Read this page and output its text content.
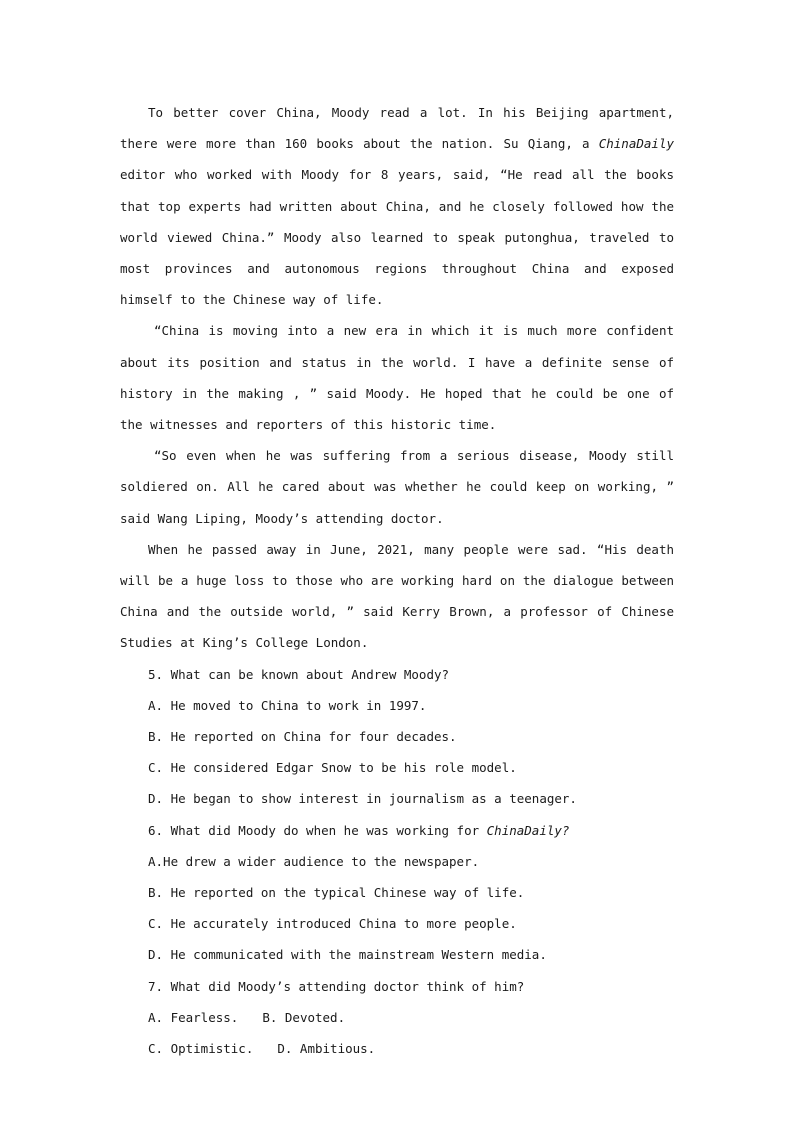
To better cover China, Moody read a lot. In his Beijing apartment, there were more than 160 books about the nation. Su Qiang, a ChinaDaily editor who worked with Moody for 8 years, said, “He read all the books that top experts had written about China, and he closely followed how the world viewed China.” Moody also learned to speak putonghua, traveled to most provinces and autonomous regions throughout China and exposed himself to the Chinese way of life.

“China is moving into a new era in which it is much more confident about its position and status in the world. I have a definite sense of history in the making , ” said Moody. He hoped that he could be one of the witnesses and reporters of this historic time.

“So even when he was suffering from a serious disease, Moody still soldiered on. All he cared about was whether he could keep on working, ” said Wang Liping, Moody’s attending doctor.

When he passed away in June, 2021, many people were sad. “His death will be a huge loss to those who are working hard on the dialogue between China and the outside world, ” said Kerry Brown, a professor of Chinese Studies at King’s College London.

5. What can be known about Andrew Moody?

A. He moved to China to work in 1997.

B. He reported on China for four decades.

C. He considered Edgar Snow to be his role model.

D. He began to show interest in journalism as a teenager.

6. What did Moody do when he was working for ChinaDaily?

A.He drew a wider audience to the newspaper.

B. He reported on the typical Chinese way of life.

C. He accurately introduced China to more people.

D. He communicated with the mainstream Western media.

7. What did Moody’s attending doctor think of him?

A. Fearless. B. Devoted.

C. Optimistic. D. Ambitious.
